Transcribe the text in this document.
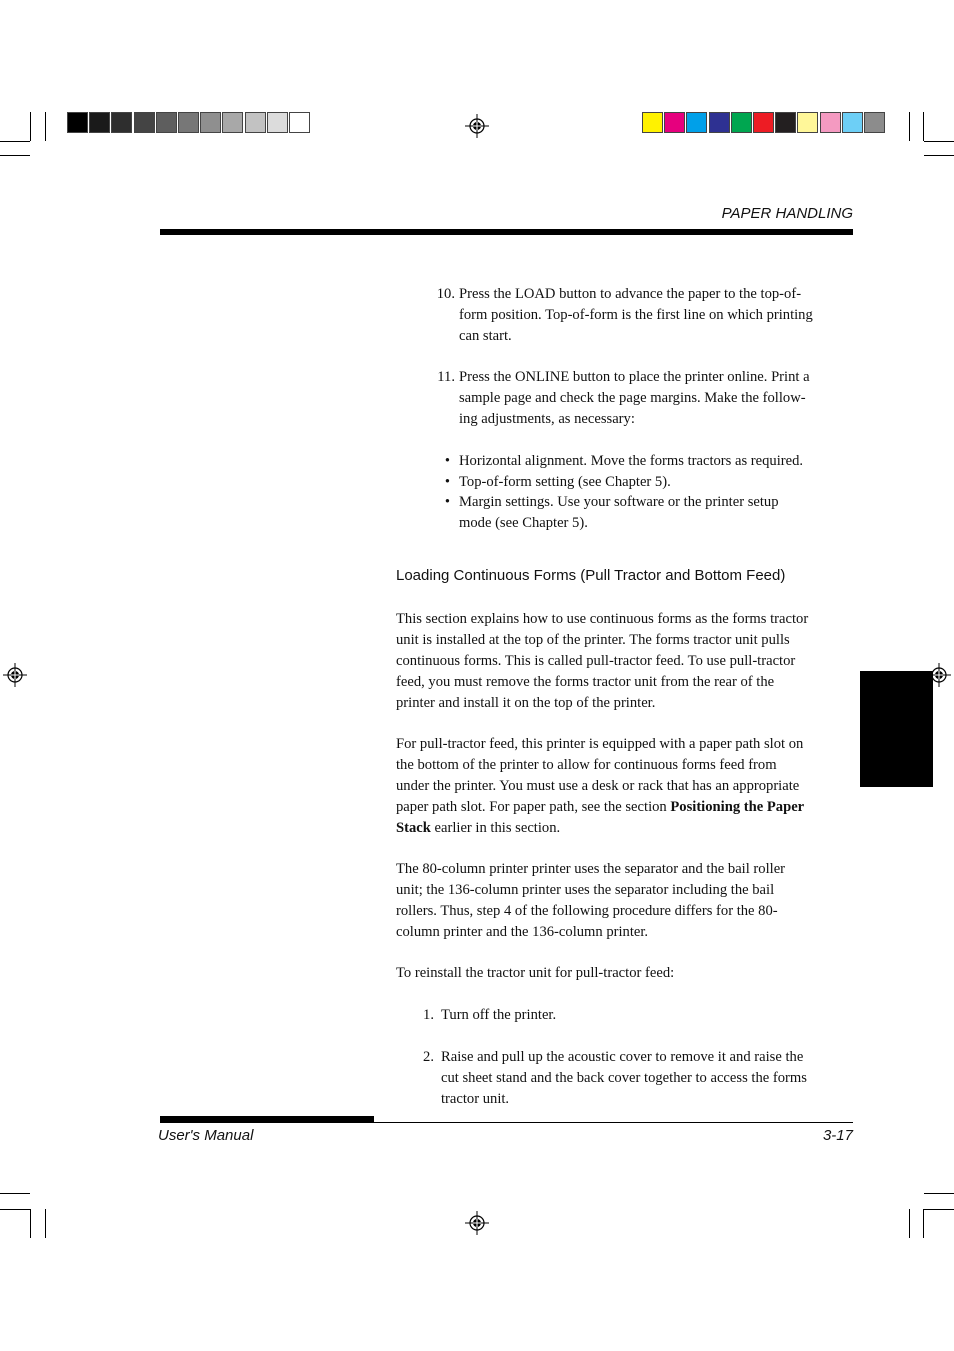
PAPER HANDLING
10. Press the LOAD button to advance the paper to the top-of-
form position. Top-of-form is the first line on which printing
can start.
11. Press the ONLINE button to place the printer online. Print a
sample page and check the page margins. Make the follow-
ing adjustments, as necessary:
• Horizontal alignment. Move the forms tractors as required.
• Top-of-form setting (see Chapter 5).
• Margin settings. Use your software or the printer setup
mode (see Chapter 5).
Loading Continuous Forms (Pull Tractor and Bottom Feed)
This section explains how to use continuous forms as the forms tractor
unit is installed at the top of the printer. The forms tractor unit pulls
continuous forms. This is called pull-tractor feed. To use pull-tractor
feed, you must remove the forms tractor unit from the rear of the
printer and install it on the top of the printer.
For pull-tractor feed, this printer is equipped with a paper path slot on
the bottom of the printer to allow for continuous forms feed from
under the printer. You must use a desk or rack that has an appropriate
paper path slot. For paper path, see the section Positioning the Paper
Stack earlier in this section.
The 80-column printer printer uses the separator and the bail roller
unit; the 136-column printer uses the separator including the bail
rollers. Thus, step 4 of the following procedure differs for the 80-
column printer and the 136-column printer.
To reinstall the tractor unit for pull-tractor feed:
1. Turn off the printer.
2. Raise and pull up the acoustic cover to remove it and raise the
cut sheet stand and the back cover together to access the forms
tractor unit.
User's Manual	3-17
